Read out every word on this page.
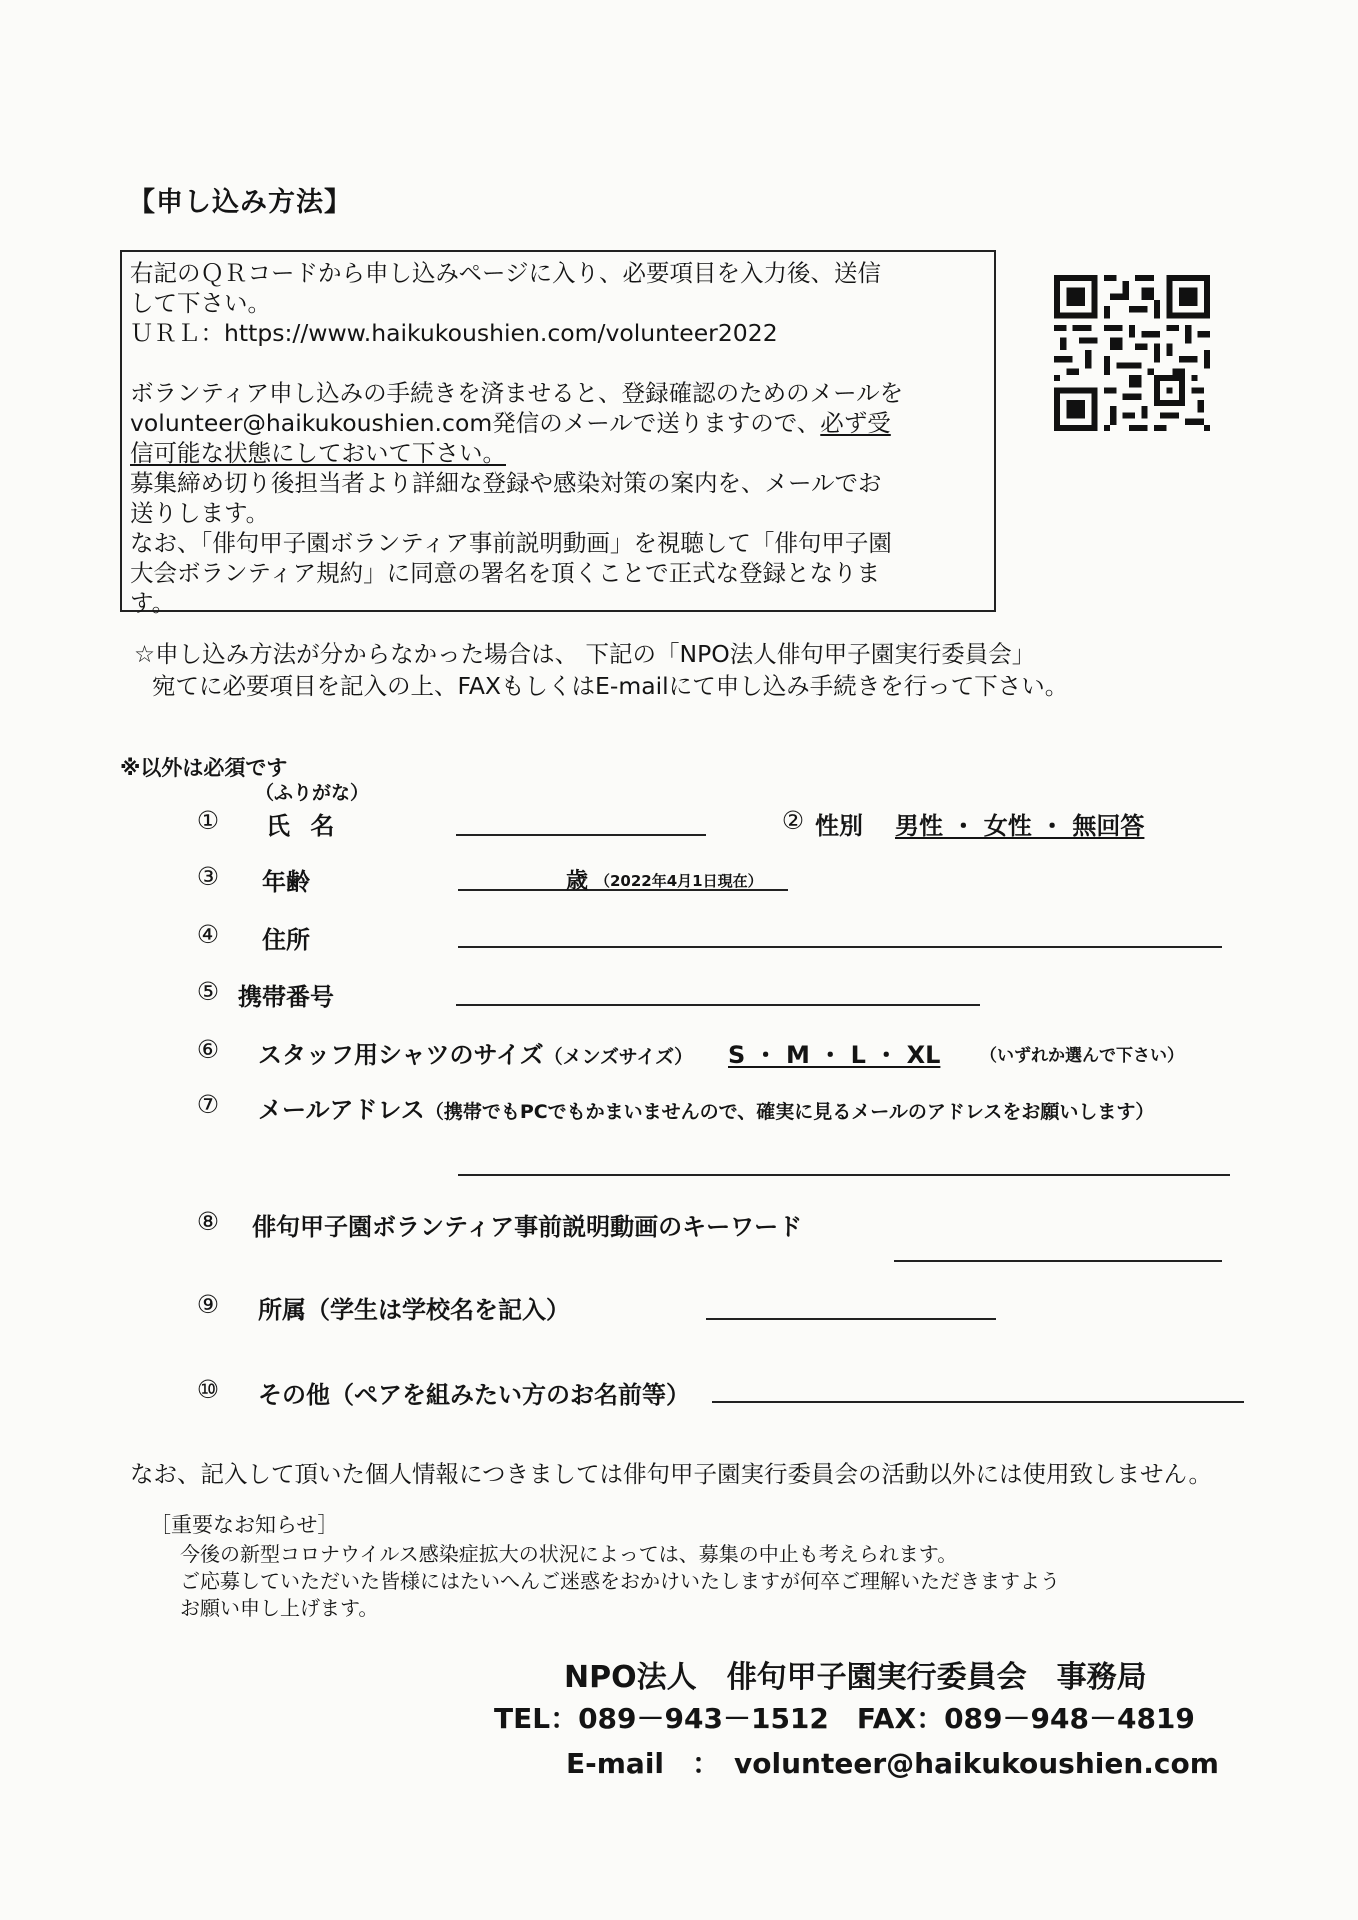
【申し込み方法】

右記のＱＲコードから申し込みページに入り、必要項目を入力後、送信

して下さい。

ＵＲＬ：https://www.haikukoushien.com/volunteer2022

ボランティア申し込みの手続きを済ませると、登録確認のためのメールを

volunteer@haikukoushien.com発信のメールで送りますので、必ず受

信可能な状態にしておいて下さい。

募集締め切り後担当者より詳細な登録や感染対策の案内を、メールでお

送りします。

なお、「俳句甲子園ボランティア事前説明動画」を視聴して「俳句甲子園

大会ボランティア規約」に同意の署名を頂くことで正式な登録となりま

す。

☆申し込み方法が分からなかった場合は、 下記の「NPO法人俳句甲子園実行委員会」

宛てに必要項目を記入の上、FAXもしくはE-mailにて申し込み手続きを行って下さい。

※以外は必須です
（ふりがな）
①	氏 名	② 性別 男性 ・ 女性 ・ 無回答
③	年齢	歳 （2022年4月1日現在）
④	住所
⑤ 携帯番号
⑥	スタッフ用シャツのサイズ（メンズサイズ） S ・ M ・ L ・ XL （いずれか選んで下さい）
⑦	メールアドレス（携帯でもPCでもかまいませんので、確実に見るメールのアドレスをお願いします）
⑧	俳句甲子園ボランティア事前説明動画のキーワード
⑨	所属（学生は学校名を記入）
⑩	その他（ペアを組みたい方のお名前等）
なお、記入して頂いた個人情報につきましては俳句甲子園実行委員会の活動以外には使用致しません。

［重要なお知らせ］

今後の新型コロナウイルス感染症拡大の状況によっては、募集の中止も考えられます。

ご応募していただいた皆様にはたいへんご迷惑をおかけいたしますが何卒ご理解いただきますよう

お願い申し上げます。

NPO法人　俳句甲子園実行委員会　事務局
TEL：089－943－1512　FAX：089－948－4819
E-mail　：　volunteer@haikukoushien.com
